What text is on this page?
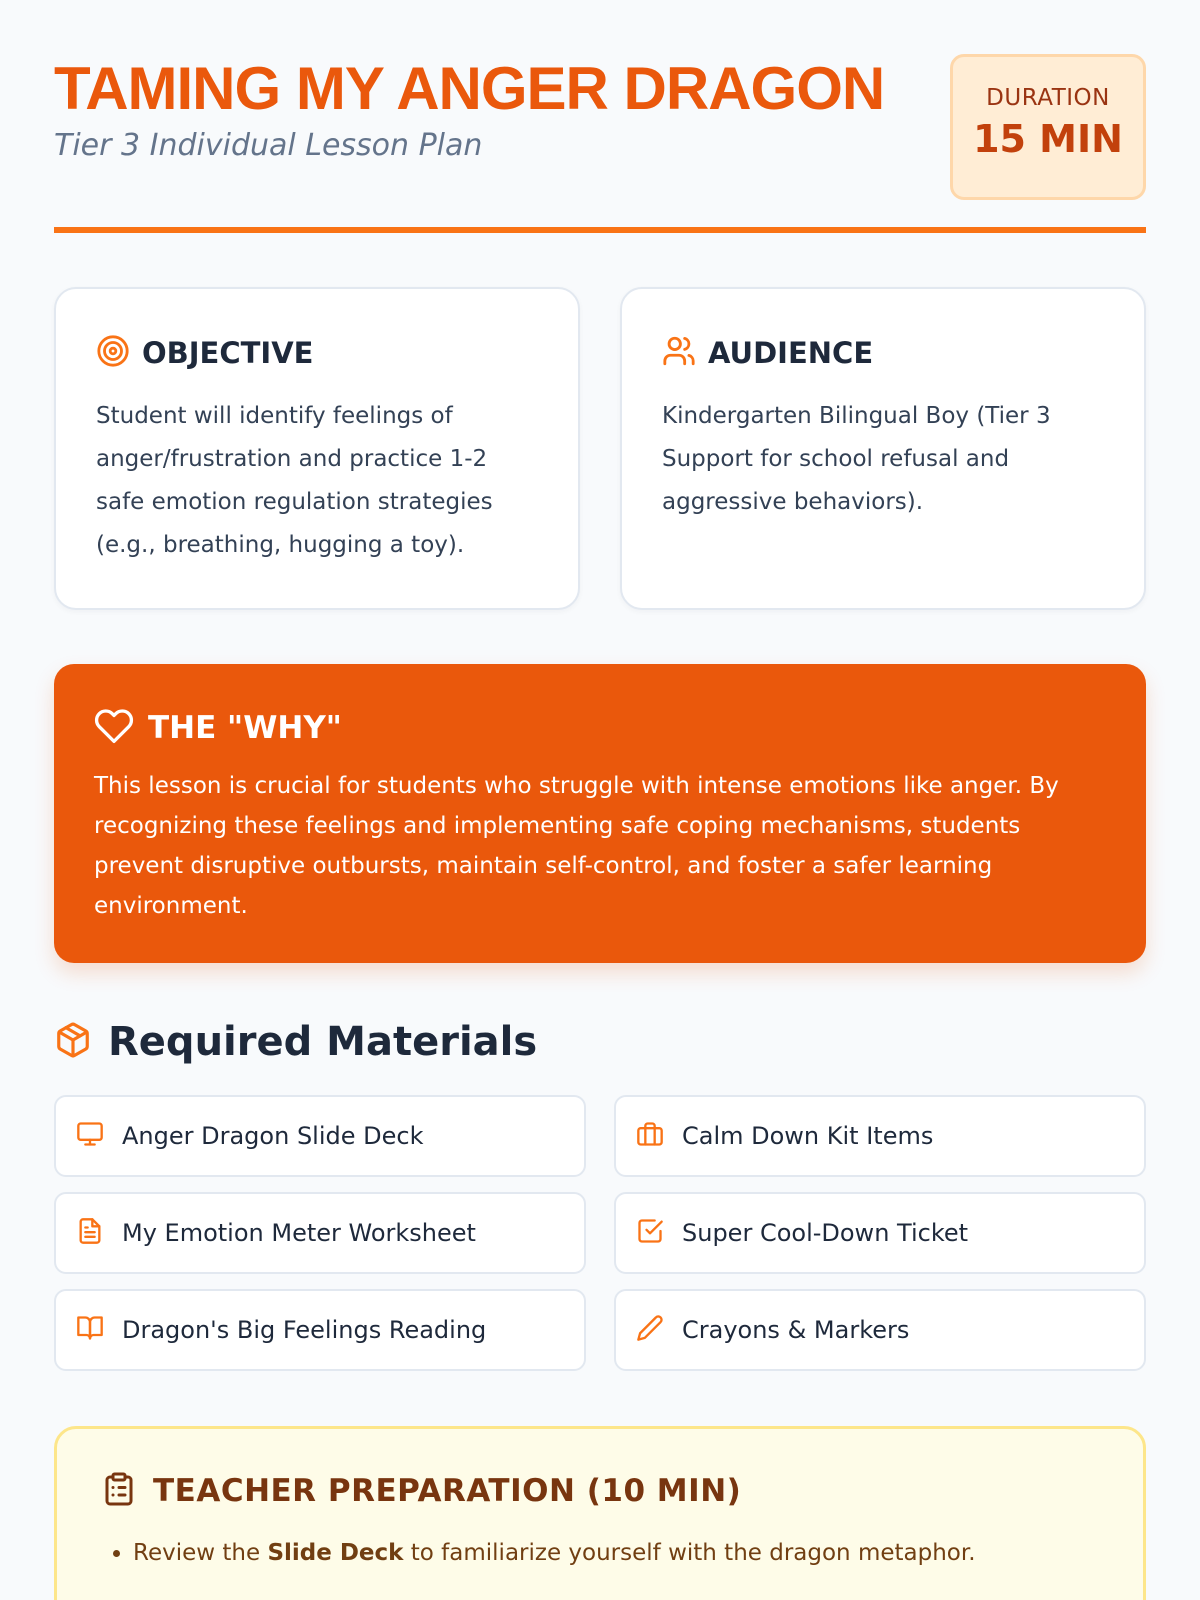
TAMING MY ANGER DRAGON
Tier 3 Individual Lesson Plan
DURATION
15 MIN
OBJECTIVE

Student will identify feelings of anger/frustration and practice 1-2 safe emotion regulation strategies (e.g., breathing, hugging a toy).

AUDIENCE

Kindergarten Bilingual Boy (Tier 3 Support for school refusal and aggressive behaviors).

THE "WHY"

This lesson is crucial for students who struggle with intense emotions like anger. By recognizing these feelings and implementing safe coping mechanisms, students prevent disruptive outbursts, maintain self-control, and foster a safer learning environment.

Required Materials
Anger Dragon Slide Deck	Calm Down Kit Items
My Emotion Meter Worksheet	Super Cool-Down Ticket
Dragon's Big Feelings Reading	Crayons & Markers
TEACHER PREPARATION (10 MIN)
• Review the Slide Deck to familiarize yourself with the dragon metaphor.
